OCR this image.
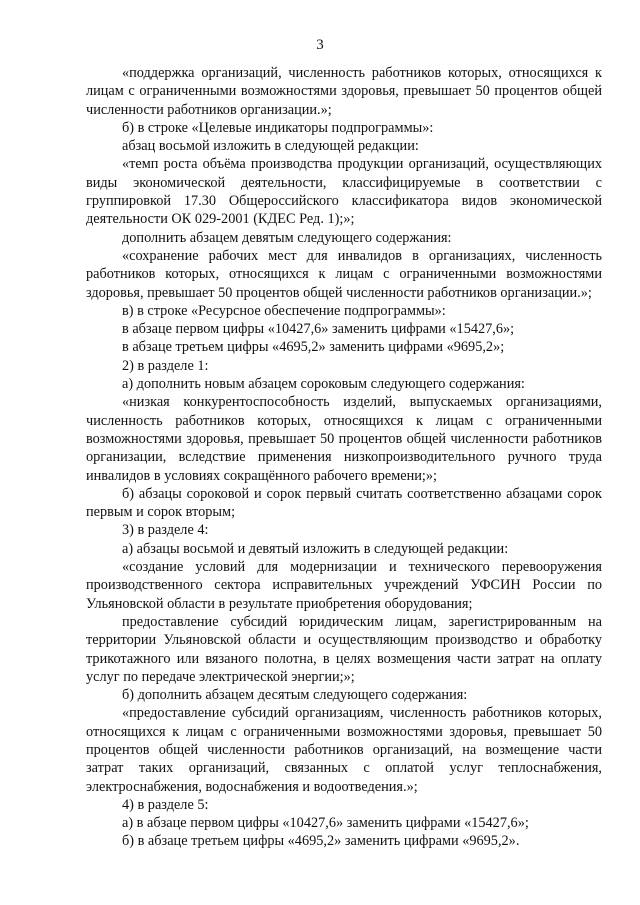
3

«поддержка организаций, численность работников которых, относящихся к лицам с ограниченными возможностями здоровья, превышает 50 процентов общей численности работников организации.»;

б) в строке «Целевые индикаторы подпрограммы»:

абзац восьмой изложить в следующей редакции:

«темп роста объёма производства продукции организаций, осуществляющих виды экономической деятельности, классифицируемые в соответствии с группировкой 17.30 Общероссийского классификатора видов экономической деятельности ОК 029-2001 (КДЕС Ред. 1);»;

дополнить абзацем девятым следующего содержания:

«сохранение рабочих мест для инвалидов в организациях, численность работников которых, относящихся к лицам с ограниченными возможностями здоровья, превышает 50 процентов общей численности работников организации.»;

в) в строке «Ресурсное обеспечение подпрограммы»:

в абзаце первом цифры «10427,6» заменить цифрами «15427,6»;

в абзаце третьем цифры «4695,2» заменить цифрами «9695,2»;

2) в разделе 1:

а) дополнить новым абзацем сороковым следующего содержания:

«низкая конкурентоспособность изделий, выпускаемых организациями, численность работников которых, относящихся к лицам с ограниченными возможностями здоровья, превышает 50 процентов общей численности работников организации, вследствие применения низкопроизводительного ручного труда инвалидов в условиях сокращённого рабочего времени;»;

б) абзацы сороковой и сорок первый считать соответственно абзацами сорок первым и сорок вторым;

3) в разделе 4:

а) абзацы восьмой и девятый изложить в следующей редакции:

«создание условий для модернизации и технического перевооружения производственного сектора исправительных учреждений УФСИН России по Ульяновской области в результате приобретения оборудования;

предоставление субсидий юридическим лицам, зарегистрированным на территории Ульяновской области и осуществляющим производство и обработку трикотажного или вязаного полотна, в целях возмещения части затрат на оплату услуг по передаче электрической энергии;»;

б) дополнить абзацем десятым следующего содержания:

«предоставление субсидий организациям, численность работников которых, относящихся к лицам с ограниченными возможностями здоровья, превышает 50 процентов общей численности работников организаций, на возмещение части затрат таких организаций, связанных с оплатой услуг теплоснабжения, электроснабжения, водоснабжения и водоотведения.»;

4) в разделе 5:

а) в абзаце первом цифры «10427,6» заменить цифрами «15427,6»;

б) в абзаце третьем цифры «4695,2» заменить цифрами «9695,2».
